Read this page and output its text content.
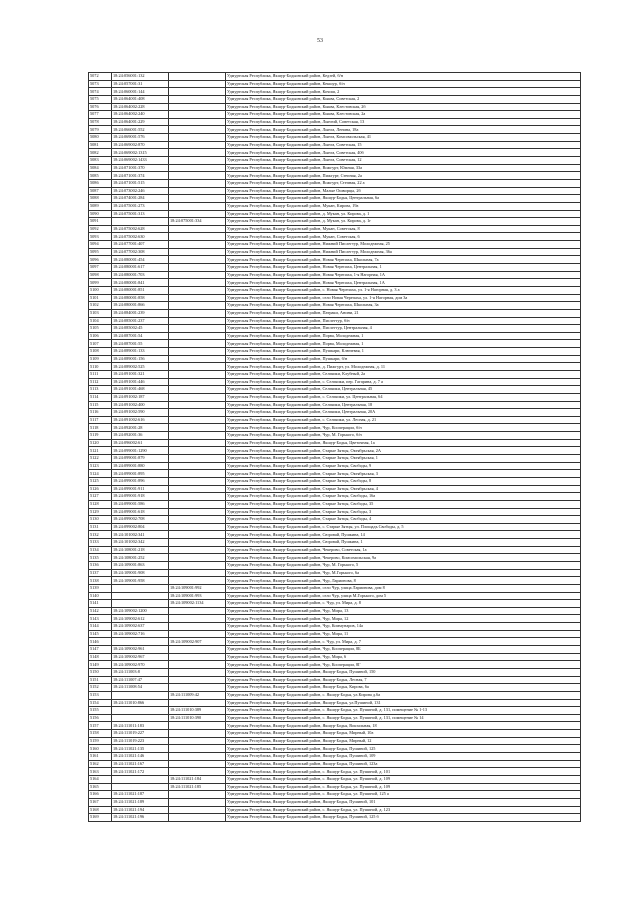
53
5072	18:24:056001:132		Удмуртская Республика, Якшур-Бодьинский район, Кедзей, б/н
5073	18:24:057001:31		Удмуртская Республика, Якшур-Бодьинский район, Кекшур, б/н
5074	18:24:060001:144		Удмуртская Республика, Якшур-Бодьинский район, Кочиш, 2
5075	18:24:064001:408		Удмуртская Республика, Якшур-Бодьинский район, Кыква, Советская, 2
5076	18:24:064002:228		Удмуртская Республика, Якшур-Бодьинский район, Кыква, Клестовская, 2б
5077	18:24:064002:240		Удмуртская Республика, Якшур-Бодьинский район, Кыква, Клестовская, 2а
5078	18:24:064001:229		Удмуртская Республика, Якшур-Бодьинский район, Лынгий, Советская, 13
5079	18:24:066001:552		Удмуртская Республика, Якшур-Бодьинский район, Лынга, Ленина, 18а
5080	18:24:069001:576		Удмуртская Республика, Якшур-Бодьинский район, Лынга, Комсомольская, 41
5081	18:24:069002:870		Удмуртская Республика, Якшур-Бодьинский район, Лынга, Советская, 15
5082	18:24:069002:1315		Удмуртская Республика, Якшур-Бодьинский район, Лынга, Советская, 40б
5083	18:24:069002:1433		Удмуртская Республика, Якшур-Бодьинский район, Лынга, Советская, 12
5084	18:24:071001:370		Удмуртская Республика, Якшур-Бодьинский район, Вожгурт, Южная, 33а
5085	18:24:071001:374		Удмуртская Республика, Якшур-Бодьинский район, Пижгурт, Степная, 2а
5086	18:24:071001:515		Удмуртская Республика, Якшур-Бодьинский район, Вожгурт, Степная, 22 а
5087	18:24:073002:246		Удмуртская Республика, Якшур-Бодьинский район, Малые Ошворцы, 2б
5088	18:24:074001:284		Удмуртская Республика, Якшур-Бодьинский район, Якшур-Бодья, Центральная, 6а
5089	18:24:075001:273		Удмуртская Республика, Якшур-Бодьинский район, Мукан, Кирова, 19а
5090	18:24:075001:313		Удмуртская Республика, Якшур-Бодьинский район, д. Мукан, ул. Кирова, д. 1
5091		18:24:075001:334	Удмуртская Республика, Якшур-Бодьинский район, д. Мукан, ул. Кирова, д. 1г
5092	18:24:075002:628		Удмуртская Республика, Якшур-Бодьинский район, Мукан, Советская, 8
5093	18:24:075002:630		Удмуртская Республика, Якшур-Бодьинский район, Мукан, Советская, 6
5094	18:24:077001:407		Удмуртская Республика, Якшур-Бодьинский район, Нижний Пислегтур, Молодежная, 25
5095	18:24:077002:308		Удмуртская Республика, Якшур-Бодьинский район, Нижний Пислегтур, Молодежная, 36а
5096	18:24:080001:454		Удмуртская Республика, Якшур-Бодьинский район, Новая Черепаха, Школьная, 7а
5097	18:24:080001:617		Удмуртская Республика, Якшур-Бодьинский район, Новая Черепаха, Центральная, 1
5098	18:24:080001:703		Удмуртская Республика, Якшур-Бодьинский район, Новая Черепаха, 1-я Нагорная, 1А
5099	18:24:080001:841		Удмуртская Республика, Якшур-Бодьинский район, Новая Черепаха, Центральная, 1А
5100	18:24:080001:851		Удмуртская Республика, Якшур-Бодьинский район, с. Новая Черепаха, ул. 1-я Нагорная, д. 3 а
5101	18:24:080001:858		Удмуртская Республика, Якшур-Бодьинский район, село Новая Черепаха, ул. 1-я Нагорная, дом 3а
5102	18:24:080001:866		Удмуртская Республика, Якшур-Бодьинский район, Новая Черепаха, Школьная, 3а
5103	18:24:084001:239		Удмуртская Республика, Якшур-Бодьинский район, Патраки, Анини, 21
5104	18:24:085001:237		Удмуртская Республика, Якшур-Бодьинский район, Пислегтур, б/н
5105	18:24:085002:45		Удмуртская Республика, Якшур-Бодьинский район, Пислегтур, Центральная, 4
5106	18:24:087001:54		Удмуртская Республика, Якшур-Бодьинский район, Порва, Молодежная, 1
5107	18:24:087001:55		Удмуртская Республика, Якшур-Бодьинский район, Порва, Молодежная, 1
5108	18:24:089001:133		Удмуртская Республика, Якшур-Бодьинский район, Пушкари, Ключевая, 1
5109	18:24:089001:156		Удмуртская Республика, Якшур-Бодьинский район, Пушкари, б/н
5110	18:24:089002:525		Удмуртская Республика, Якшур-Бодьинский район, д. Пижгурт, ул. Молодежная, д. 11
5111	18:24:091001:321		Удмуртская Республика, Якшур-Бодьинский район, Сельчики, Клубный, 2а
5112	18:24:091001:446		Удмуртская Республика, Якшур-Бодьинский район, с. Сельчики, пер. Гагарина, д. 7 а
5113	18:24:091001:468		Удмуртская Республика, Якшур-Бодьинский район, Сельчики, Центральная, 45
5114	18:24:091002:187		Удмуртская Республика, Якшур-Бодьинский район, с. Сельчики, ул. Центральная, 64
5115	18:24:091002:400		Удмуртская Республика, Якшур-Бодьинский район, Сельчики, Центральная, 18
5116	18:24:091002:590		Удмуртская Республика, Якшур-Бодьинский район, Сельчики, Центральная, 20А
5117	18:24:091002:616		Удмуртская Республика, Якшур-Бодьинский район, с. Сельчики, ул. Лесная, д. 21
5118	18:24:092001:28		Удмуртская Республика, Якшур-Бодьинский район, Чур, Кооперации, б/н
5119	18:24:092001:36		Удмуртская Республика, Якшур-Бодьинский район, Чур, М. Горького, б/н
5120	18:24:096002:61		Удмуртская Республика, Якшур-Бодьинский район, Якшур-Бодья, Цветочная, 1а
5121	18:24:099001:1290		Удмуртская Республика, Якшур-Бодьинский район, Старые Зятцы, Октябрьская, 2А
5122	18:24:099001:879		Удмуртская Республика, Якшур-Бодьинский район, Старые Зятцы, Октябрьская, 1
5123	18:24:099001:880		Удмуртская Республика, Якшур-Бодьинский район, Старые Зятцы, Свободы, 9
5124	18:24:099001:895		Удмуртская Республика, Якшур-Бодьинский район, Старые Зятцы, Октябрьская, 3
5125	18:24:099001:896		Удмуртская Республика, Якшур-Бодьинский район, Старые Зятцы, Свободы, 8
5126	18:24:099001:911		Удмуртская Республика, Якшур-Бодьинский район, Старые Зятцы, Октябрьская, 4
5127	18:24:099001:918		Удмуртская Республика, Якшур-Бодьинский район, Старые Зятцы, Свободы, 16а
5128	18:24:099001:586		Удмуртская Республика, Якшур-Бодьинский район, Старые Зятцы, Свободы, 35
5129	18:24:099001:618		Удмуртская Республика, Якшур-Бодьинский район, Старые Зятцы, Свободы, 3
5130	18:24:099002:708		Удмуртская Республика, Якшур-Бодьинский район, Старые Зятцы, Свободы, 4
5131	18:24:099002:804		Удмуртская Республика, Якшур-Бодьинский район, с. Старые Зятцы, ул. Площадь Свободы, д. 5
5132	18:24:101002:341		Удмуртская Республика, Якшур-Бодьинский район, Сюровай, Пушкина, 14
5133	18:24:101002:342		Удмуртская Республика, Якшур-Бодьинский район, Сюровай, Пушкина, 1
5134	18:24:108001:218		Удмуртская Республика, Якшур-Бодьинский район, Чекерово, Советская, 1а
5135	18:24:108001:252		Удмуртская Республика, Якшур-Бодьинский район, Чекерово, Комсомольская, 9а
5136	18:24:109001:863		Удмуртская Республика, Якшур-Бодьинский район, Чур, М. Горького, 5
5137	18:24:109001:908		Удмуртская Республика, Якшур-Бодьинский район, Чур, М.Горького, 6а
5138	18:24:109001:958		Удмуртская Республика, Якшур-Бодьинский район, Чур, Ларионова, 8
5139		18:24:109001:992	Удмуртская Республика, Якшур-Бодьинский район, село Чур, улица Ларионова, дом 8
5140		18:24:109001:993	Удмуртская Республика, Якшур-Бодьинский район, село Чур, улица М.Горького, дом 5
5141		18:24:109002:1134	Удмуртская Республика, Якшур-Бодьинский район, с. Чур, ул. Мира, д. 8
5142	18:24:109002:1200		Удмуртская Республика, Якшур-Бодьинский район, Чур, Мира, 13
5143	18:24:109002:612		Удмуртская Республика, Якшур-Бодьинский район, Чур, Мира, 12
5144	18:24:109002:637		Удмуртская Республика, Якшур-Бодьинский район, Чур, Коммунаров, 14а
5145	18:24:109002:716		Удмуртская Республика, Якшур-Бодьинский район, Чур, Мира, 11
5146		18:24:109002:907	Удмуртская Республика, Якшур-Бодьинский район, с. Чур, ул. Мира, д. 7
5147	18:24:109002:961		Удмуртская Республика, Якшур-Бодьинский район, Чур, Кооперации, 8Б
5148	18:24:109002:967		Удмуртская Республика, Якшур-Бодьинский район, Чур, Мира, 6
5149	18:24:109002:970		Удмуртская Республика, Якшур-Бодьинский район, Чур, Кооперации, 8Г
5150	18:24:111003:8		Удмуртская Республика, Якшур-Бодьинский район, Якшур-Бодья, Пушиной, 150
5151	18:24:111007:47		Удмуртская Республика, Якшур-Бодьинский район, Якшур-Бодья, Лесная, 7
5152	18:24:111008:54		Удмуртская Республика, Якшур-Бодьинский район, Якшур-Бодья, Кирова, 6а
5153		18:24:111009:42	Удмуртская Республика, Якшур-Бодьинский район, с. Якшур-Бодья, ул.Кирова д.6а
5154	18:24:111010:866		Удмуртская Республика, Якшур-Бодьинский район, Якшур-Бодья, ул.Пушиной, 131
5155		18:24:111010:389	Удмуртская Республика, Якшур-Бодьинский район, с. Якшур-Бодья, ул. Пушиной, д. 131, помещение № 1-13
5156		18:24:111010:390	Удмуртская Республика, Якшур-Бодьинский район, с. Якшур-Бодья, ул. Пушиной, д. 131, помещение № 14
5157	18:24:111011:183		Удмуртская Республика, Якшур-Бодьинский район, Якшур-Бодья, Вокзальная, 18
5158	18:24:111019:227		Удмуртская Республика, Якшур-Бодьинский район, Якшур-Бодья, Мирный, 10а
5159	18:24:111019:223		Удмуртская Республика, Якшур-Бодьинский район, Якшур-Бодья, Мирный, 12
5160	18:24:111021:135		Удмуртская Республика, Якшур-Бодьинский район, Якшур-Бодья, Пушиной, 125
5161	18:24:111021:146		Удмуртская Республика, Якшур-Бодьинский район, Якшур-Бодья, Пушиной, 109
5162	18:24:111021:167		Удмуртская Республика, Якшур-Бодьинский район, Якшур-Бодья, Пушиной, 123а
5163	18:24:111021:172		Удмуртская Республика, Якшур-Бодьинский район, с. Якшур-Бодья, ул. Пушиной, д. 101
5164		18:24:111021:184	Удмуртская Республика, Якшур-Бодьинский район, с. Якшур-Бодья, ул. Пушиной, д. 109
5165		18:24:111021:185	Удмуртская Республика, Якшур-Бодьинский район, с. Якшур-Бодья, ул. Пушиной, д. 109
5166	18:24:111021:187		Удмуртская Республика, Якшур-Бодьинский район, с. Якшур-Бодья, ул. Пушиной, 125 а
5167	18:24:111021:189		Удмуртская Республика, Якшур-Бодьинский район, Якшур-Бодья, Пушиной, 101
5168	18:24:111021:194		Удмуртская Республика, Якшур-Бодьинский район, с. Якшур-Бодья, ул. Пушиной, д. 123
5169	18:24:111021:196		Удмуртская Республика, Якшур-Бодьинский район, Якшур-Бодья, Пушиной, 125 б
